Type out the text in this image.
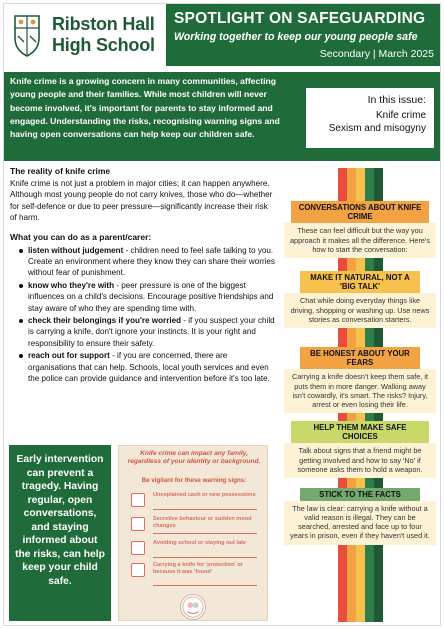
Ribston Hall
High School
SPOTLIGHT ON SAFEGUARDING
Working together to keep our young people safe
Secondary | March 2025
Knife crime is a growing concern in many communities, affecting young people and their families. While most children will never become involved, it's important for parents to stay informed and engaged. Understanding the risks, recognising warning signs and having open conversations can help keep our children safe.
In this issue:
Knife crime
Sexism and misogyny
The reality of knife crime

Knife crime is not just a problem in major cities; it can happen anywhere. Although most young people do not carry knives, those who do—whether for self-defence or due to peer pressure—significantly increase their risk of harm.

What you can do as a parent/carer:
listen without judgement - children need to feel safe talking to you. Create an environment where they know they can share their worries without fear of punishment.
know who they're with - peer pressure is one of the biggest influences on a child's decisions. Encourage positive friendships and stay aware of who they are spending time with.
check their belongings if you're worried - if you suspect your child is carrying a knife, don't ignore your instincts. It is your right and responsibility to ensure their safety.
reach out for support - if you are concerned, there are organisations that can help. Schools, local youth services and even the police can provide guidance and intervention before it's too late.
Early intervention can prevent a tragedy. Having regular, open conversations, and staying informed about the risks, can help keep your child safe.
Knife crime can impact any family, regardless of your identity or background.
Be vigilant for these warning signs:
Unexplained cash or new possessions
Secretive behaviour or sudden mood changes
Avoiding school or staying out late
Carrying a knife for 'protection' or because it was 'found'
CONVERSATIONS ABOUT KNIFE CRIME
These can feel difficult but the way you approach it makes all the difference. Here's how to start the conversation:
MAKE IT NATURAL, NOT A 'BIG TALK'
Chat while doing everyday things like driving, shopping or washing up. Use news stories as conversation starters.
BE HONEST ABOUT YOUR FEARS
Carrying a knife doesn't keep them safe, it puts them in more danger. Walking away isn't cowardly, it's smart. The risks? Injury, arrest or even losing their life.
HELP THEM MAKE SAFE CHOICES
Talk about signs that a friend might be getting involved and how to say 'No' if someone asks them to hold a weapon.
STICK TO THE FACTS
The law is clear: carrying a knife without a valid reason is illegal. They can be searched, arrested and face up to four years in prison, even if they haven't used it.
